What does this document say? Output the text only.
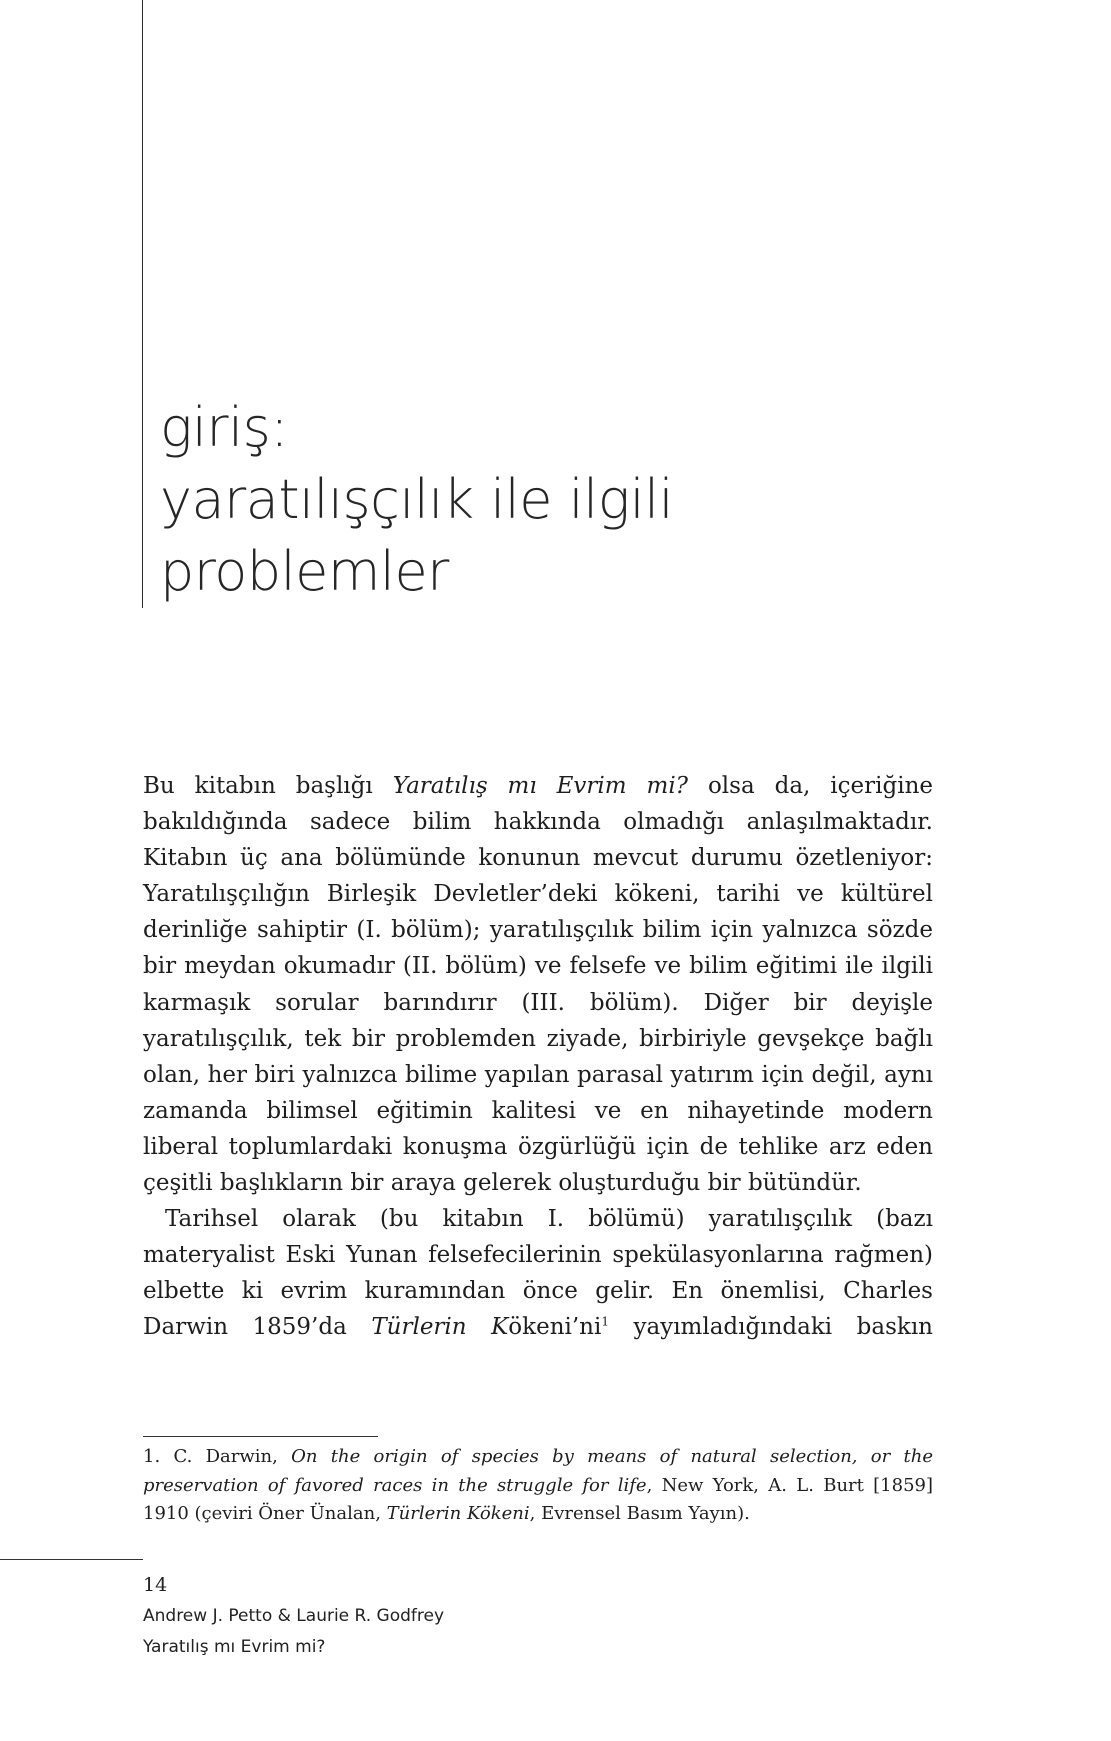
giriş:
yaratılışçılık ile ilgili
problemler

Bu kitabın başlığı Yaratılış mı Evrim mi? olsa da, içeriğine bakıldığında sadece bilim hakkında olmadığı anlaşılmaktadır. Kitabın üç ana bölümünde konunun mevcut durumu özetleniyor: Yaratılışçılığın Birleşik Devletler’deki kökeni, tarihi ve kültürel derinliğe sahiptir (I. bölüm); yaratılışçılık bilim için yalnızca sözde bir meydan okumadır (II. bölüm) ve felsefe ve bilim eğitimi ile ilgili karmaşık sorular barındırır (III. bölüm). Diğer bir deyişle yaratılışçılık, tek bir problemden ziyade, birbiriyle gevşekçe bağlı olan, her biri yalnızca bilime yapılan parasal yatırım için değil, aynı zamanda bilimsel eğitimin kalitesi ve en nihayetinde modern liberal toplumlardaki konuşma özgürlüğü için de tehlike arz eden çeşitli başlıkların bir araya gelerek oluşturduğu bir bütündür.

Tarihsel olarak (bu kitabın I. bölümü) yaratılışçılık (bazı materyalist Eski Yunan felsefecilerinin spekülasyonlarına rağmen) elbette ki evrim kuramından önce gelir. En önemlisi, Charles Darwin 1859’da Türlerin $Kökeni’ni^1$ yayımladığındaki baskın

1. C. Darwin, On the origin of species by means of natural selection, or the preservation of favored races in the struggle for life, New York, A. L. Burt [1859] 1910 (çeviri Öner Ünalan, Türlerin Kökeni, Evrensel Basım Yayın).

14
Andrew J. Petto & Laurie R. Godfrey
Yaratılış mı Evrim mi?
